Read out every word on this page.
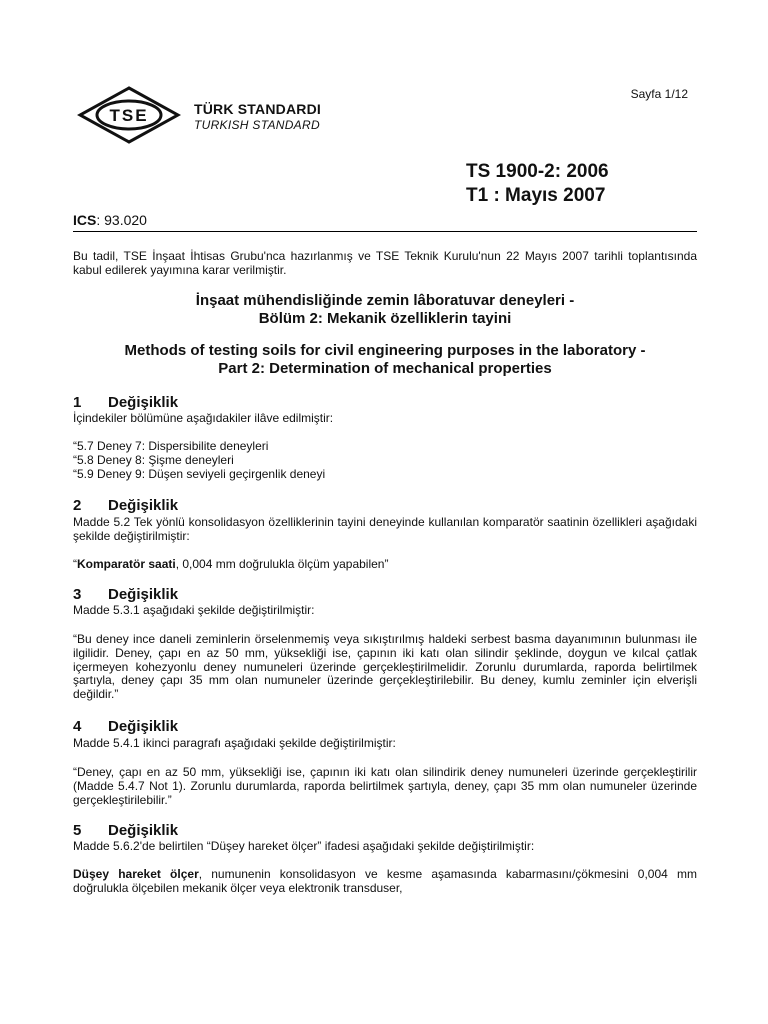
Sayfa 1/12
TSE	TÜRK STANDARDI
TURKISH STANDARD
TS 1900-2: 2006
T1 : Mayıs 2007
ICS: 93.020
Bu tadil, TSE İnşaat İhtisas Grubu'nca hazırlanmış ve TSE Teknik Kurulu'nun 22 Mayıs 2007 tarihli toplantısında kabul edilerek yayımına karar verilmiştir.
İnşaat mühendisliğinde zemin lâboratuvar deneyleri -
Bölüm 2: Mekanik özelliklerin tayini
Methods of testing soils for civil engineering purposes in the laboratory -
Part 2: Determination of mechanical properties
1 Değişiklik
İçindekiler bölümüne aşağıdakiler ilâve edilmiştir:
“5.7 Deney 7: Dispersibilite deneyleri
“5.8 Deney 8: Şişme deneyleri
“5.9 Deney 9: Düşen seviyeli geçirgenlik deneyi
2 Değişiklik
Madde 5.2 Tek yönlü konsolidasyon özelliklerinin tayini deneyinde kullanılan komparatör saatinin özellikleri aşağıdaki şekilde değiştirilmiştir:
“Komparatör saati, 0,004 mm doğrulukla ölçüm yapabilen”
3 Değişiklik
Madde 5.3.1 aşağıdaki şekilde değiştirilmiştir:
“Bu deney ince daneli zeminlerin örselenmemiş veya sıkıştırılmış haldeki serbest basma dayanımının bulunması ile ilgilidir. Deney, çapı en az 50 mm, yüksekliği ise, çapının iki katı olan silindir şeklinde, doygun ve kılcal çatlak içermeyen kohezyonlu deney numuneleri üzerinde gerçekleştirilmelidir. Zorunlu durumlarda, raporda belirtilmek şartıyla, deney çapı 35 mm olan numuneler üzerinde gerçekleştirilebilir. Bu deney, kumlu zeminler için elverişli değildir.”
4 Değişiklik
Madde 5.4.1 ikinci paragrafı aşağıdaki şekilde değiştirilmiştir:
“Deney, çapı en az 50 mm, yüksekliği ise, çapının iki katı olan silindirik deney numuneleri üzerinde gerçekleştirilir (Madde 5.4.7 Not 1). Zorunlu durumlarda, raporda belirtilmek şartıyla, deney, çapı 35 mm olan numuneler üzerinde gerçekleştirilebilir.”
5 Değişiklik
Madde 5.6.2'de belirtilen “Düşey hareket ölçer” ifadesi aşağıdaki şekilde değiştirilmiştir:
Düşey hareket ölçer, numunenin konsolidasyon ve kesme aşamasında kabarmasını/çökmesini 0,004 mm doğrulukla ölçebilen mekanik ölçer veya elektronik transduser,
